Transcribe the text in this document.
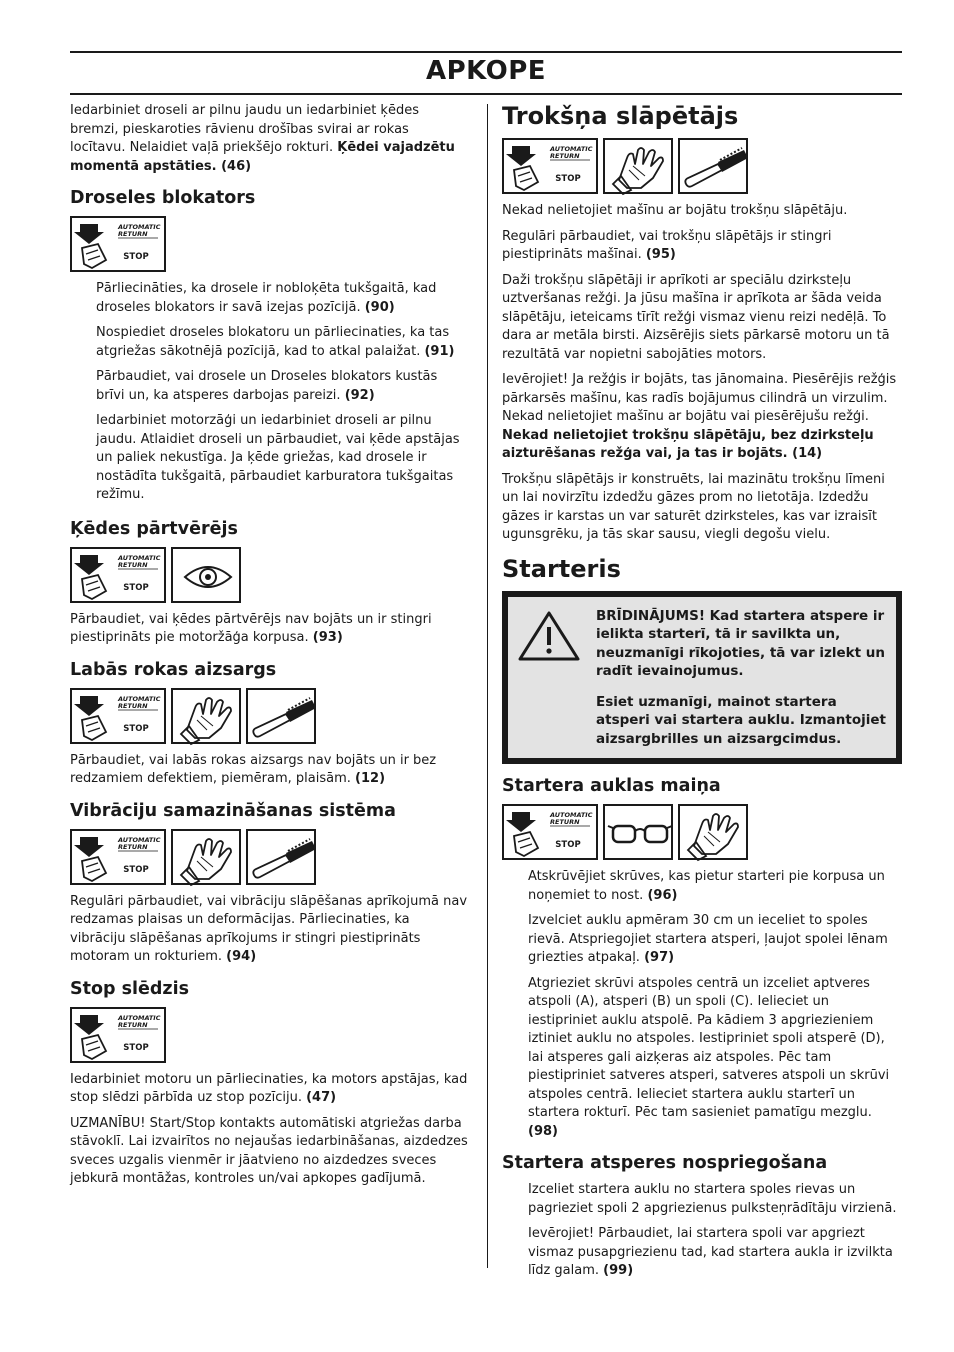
APKOPE

Iedarbiniet droseli ar pilnu jaudu un iedarbiniet ķēdes bremzi, pieskaroties rāvienu drošības svirai ar rokas locītavu. Nelaidiet vaļā priekšējo rokturi. Ķēdei vajadzētu momentā apstāties. (46)

Droseles blokators
AUTOMATIC
RETURN
STOP

Pārliecināties, ka drosele ir nobloķēta tukšgaitā, kad droseles blokators ir savā izejas pozīcijā. (90)

Nospiediet droseles blokatoru un pārliecinaties, ka tas atgriežas sākotnējā pozīcijā, kad to atkal palaižat. (91)

Pārbaudiet, vai drosele un Droseles blokators kustās brīvi un, ka atsperes darbojas pareizi. (92)

Iedarbiniet motorzāģi un iedarbiniet droseli ar pilnu jaudu. Atlaidiet droseli un pārbaudiet, vai ķēde apstājas un paliek nekustīga. Ja ķēde griežas, kad drosele ir nostādīta tukšgaitā, pārbaudiet karburatora tukšgaitas režīmu.

Ķēdes pārtvērējs
AUTOMATIC
RETURN
STOP

Pārbaudiet, vai ķēdes pārtvērējs nav bojāts un ir stingri piestiprināts pie motoržāģa korpusa. (93)

Labās rokas aizsargs
AUTOMATIC
RETURN
STOP

Pārbaudiet, vai labās rokas aizsargs nav bojāts un ir bez redzamiem defektiem, piemēram, plaisām. (12)

Vibrāciju samazināšanas sistēma
AUTOMATIC
RETURN
STOP

Regulāri pārbaudiet, vai vibrāciju slāpēšanas aprīkojumā nav redzamas plaisas un deformācijas. Pārliecinaties, ka vibrāciju slāpēšanas aprīkojums ir stingri piestiprināts motoram un rokturiem. (94)

Stop slēdzis
AUTOMATIC
RETURN
STOP

Iedarbiniet motoru un pārliecinaties, ka motors apstājas, kad stop slēdzi pārbīda uz stop pozīciju. (47)

UZMANĪBU! Start/Stop kontakts automātiski atgriežas darba stāvoklī. Lai izvairītos no nejaušas iedarbināšanas, aizdedzes sveces uzgalis vienmēr ir jāatvieno no aizdedzes sveces jebkurā montāžas, kontroles un/vai apkopes gadījumā.

Trokšņa slāpētājs
AUTOMATIC
RETURN
STOP

Nekad nelietojiet mašīnu ar bojātu trokšņu slāpētāju.

Regulāri pārbaudiet, vai trokšņu slāpētājs ir stingri piestiprināts mašīnai. (95)

Daži trokšņu slāpētāji ir aprīkoti ar speciālu dzirksteļu uztveršanas režģi. Ja jūsu mašīna ir aprīkota ar šāda veida slāpētāju, ieteicams tīrīt režģi vismaz vienu reizi nedēļā. To dara ar metāla birsti. Aizsērējis siets pārkarsē motoru un tā rezultātā var nopietni sabojāties motors.

Ievērojiet! Ja režģis ir bojāts, tas jānomaina. Piesērējis režģis pārkarsēs mašīnu, kas radīs bojājumus cilindrā un virzulim. Nekad nelietojiet mašīnu ar bojātu vai piesērējušu režģi. Nekad nelietojiet trokšņu slāpētāju, bez dzirksteļu aizturēšanas režģa vai, ja tas ir bojāts. (14)

Trokšņu slāpētājs ir konstruēts, lai mazinātu trokšņu līmeni un lai novirzītu izdedžu gāzes prom no lietotāja. Izdedžu gāzes ir karstas un var saturēt dzirksteles, kas var izraisīt ugunsgrēku, ja tās skar sausu, viegli degošu vielu.

Starteris

BRĪDINĀJUMS! Kad startera atspere ir ielikta starterī, tā ir savilkta un, neuzmanīgi rīkojoties, tā var izlekt un radīt ievainojumus.

Esiet uzmanīgi, mainot startera atsperi vai startera auklu. Izmantojiet aizsargbrilles un aizsargcimdus.

Startera auklas maiņa
AUTOMATIC
RETURN
STOP

Atskrūvējiet skrūves, kas pietur starteri pie korpusa un noņemiet to nost. (96)

Izvelciet auklu apmēram 30 cm un ieceliet to spoles rievā. Atspriegojiet startera atsperi, ļaujot spolei lēnam griezties atpakaļ. (97)

Atgrieziet skrūvi atspoles centrā un izceliet aptveres atspoli (A), atsperi (B) un spoli (C). Ielieciet un iestipriniet auklu atspolē. Pa kādiem 3 apgriezieniem iztiniet auklu no atspoles. Iestipriniet spoli atsperē (D), lai atsperes gali aizķeras aiz atspoles. Pēc tam piestipriniet satveres atsperi, satveres atspoli un skrūvi atspoles centrā. Ielieciet startera auklu starterī un startera rokturī. Pēc tam sasieniet pamatīgu mezglu. (98)

Startera atsperes nospriegošana

Izceliet startera auklu no startera spoles rievas un pagrieziet spoli 2 apgriezienus pulksteņrādītāju virzienā.

Ievērojiet! Pārbaudiet, lai startera spoli var apgriezt vismaz pusapgriezienu tad, kad startera aukla ir izvilkta līdz galam. (99)
